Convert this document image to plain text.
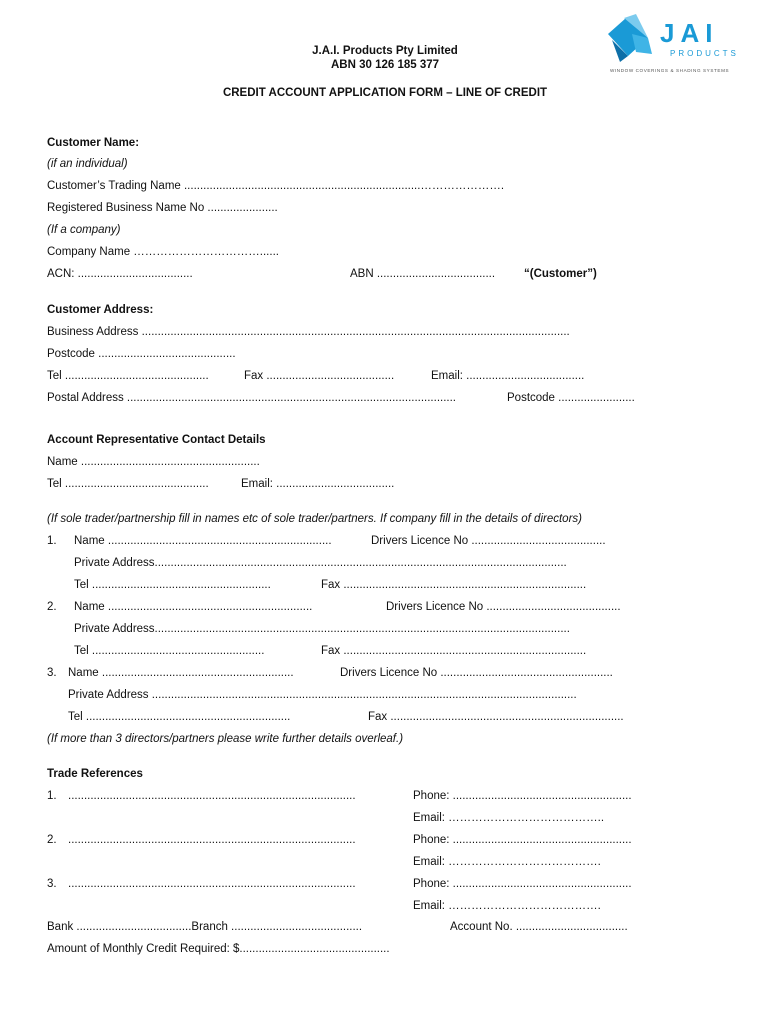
JAI
PRODUCTS
WINDOW COVERINGS & SHADING SYSTEMS
J.A.I. Products Pty Limited
ABN 30 126 185 377
CREDIT ACCOUNT APPLICATION FORM – LINE OF CREDIT
Customer Name:
(if an individual)
Customer’s Trading Name ..........................................................................………………….
Registered Business Name No ......................
(If a company)
Company Name ……………………………......
ACN: ....................................	ABN .....................................	“(Customer”)
Customer Address:
Business Address ......................................................................................................................................
Postcode ...........................................
Tel .............................................	Fax ........................................	Email: .....................................
Postal Address .......................................................................................................	Postcode ........................
Account Representative Contact Details
Name ........................................................
Tel .............................................	Email: .....................................
(If sole trader/partnership fill in names etc of sole trader/partners. If company fill in the details of directors)
1. Name ......................................................................	Drivers Licence No ..........................................
Private Address.................................................................................................................................
Tel ........................................................	Fax ............................................................................
2. Name ................................................................	Drivers Licence No ..........................................
Private Address..................................................................................................................................
Tel ......................................................	Fax ............................................................................
3. Name ............................................................	Drivers Licence No ......................................................
Private Address .....................................................................................................................................
Tel ................................................................	Fax .........................................................................
(If more than 3 directors/partners please write further details overleaf.)
Trade References
1. ..........................................................................................	Phone: ........................................................
Email: …………………………………..
2. ..........................................................................................	Phone: ........................................................
Email: ………………………………….
3. ..........................................................................................	Phone: ........................................................
Email: ………………………………….
Bank ....................................Branch .........................................	Account No. ...................................
Amount of Monthly Credit Required: $...............................................
